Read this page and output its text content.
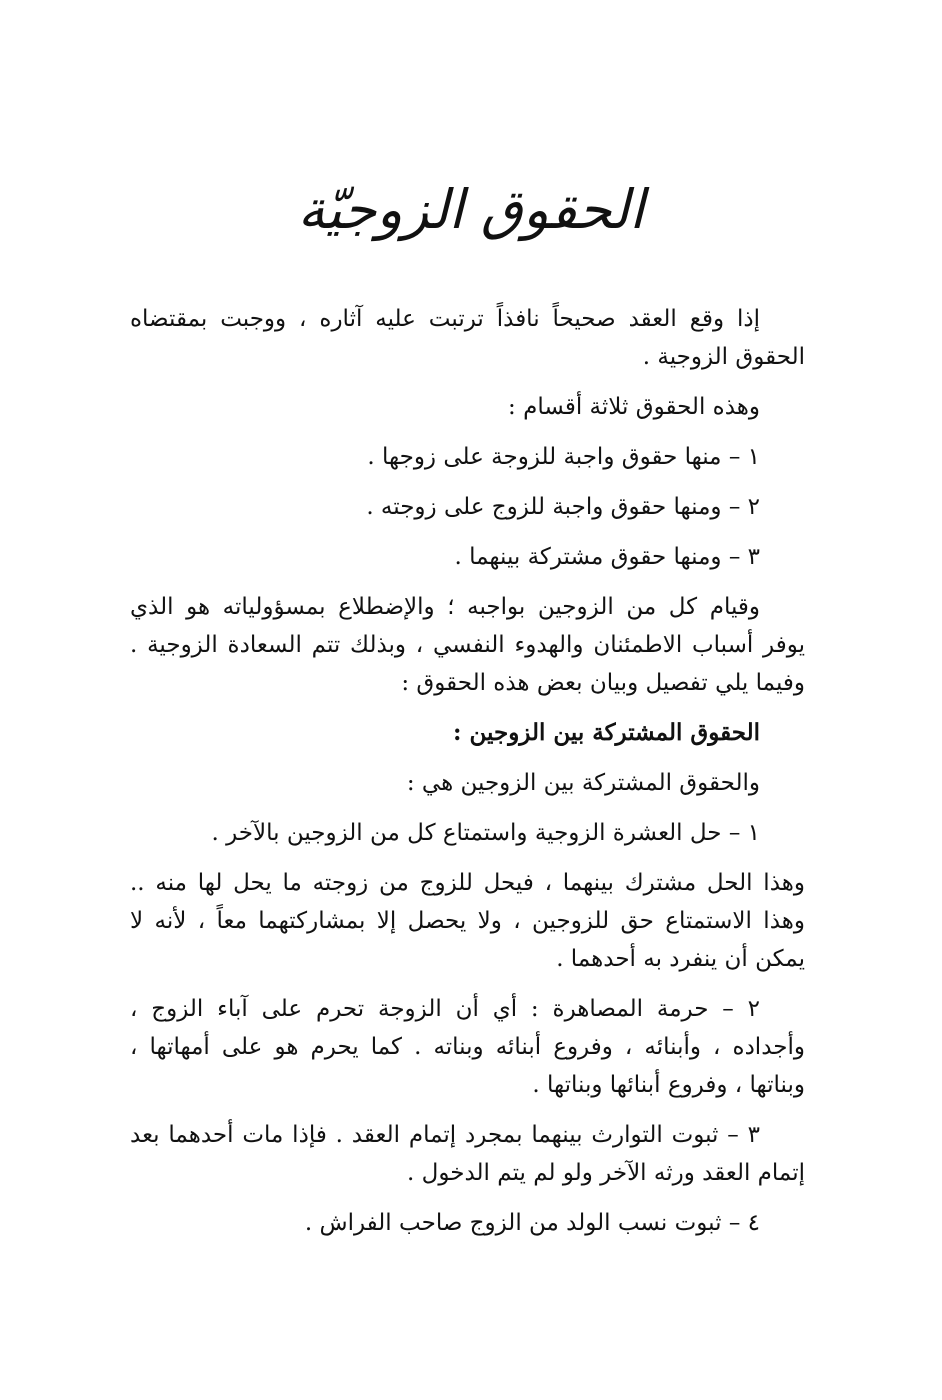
الحقوق الزوجيّة

إذا وقع العقد صحيحاً نافذاً ترتبت عليه آثاره ، ووجبت بمقتضاه الحقوق الزوجية .

وهذه الحقوق ثلاثة أقسام :

١ – منها حقوق واجبة للزوجة على زوجها .

٢ – ومنها حقوق واجبة للزوج على زوجته .

٣ – ومنها حقوق مشتركة بينهما .

وقيام كل من الزوجين بواجبه ؛ والإضطلاع بمسؤولياته هو الذي يوفر أسباب الاطمئنان والهدوء النفسي ، وبذلك تتم السعادة الزوجية . وفيما يلي تفصيل وبيان بعض هذه الحقوق :

الحقوق المشتركة بين الزوجين :

والحقوق المشتركة بين الزوجين هي :

١ – حل العشرة الزوجية واستمتاع كل من الزوجين بالآخر .

وهذا الحل مشترك بينهما ، فيحل للزوج من زوجته ما يحل لها منه .. وهذا الاستمتاع حق للزوجين ، ولا يحصل إلا بمشاركتهما معاً ، لأنه لا يمكن أن ينفرد به أحدهما .

٢ – حرمة المصاهرة : أي أن الزوجة تحرم على آباء الزوج ، وأجداده ، وأبنائه ، وفروع أبنائه وبناته . كما يحرم هو على أمهاتها ، وبناتها ، وفروع أبنائها وبناتها .

٣ – ثبوت التوارث بينهما بمجرد إتمام العقد . فإذا مات أحدهما بعد إتمام العقد ورثه الآخر ولو لم يتم الدخول .

٤ – ثبوت نسب الولد من الزوج صاحب الفراش .
